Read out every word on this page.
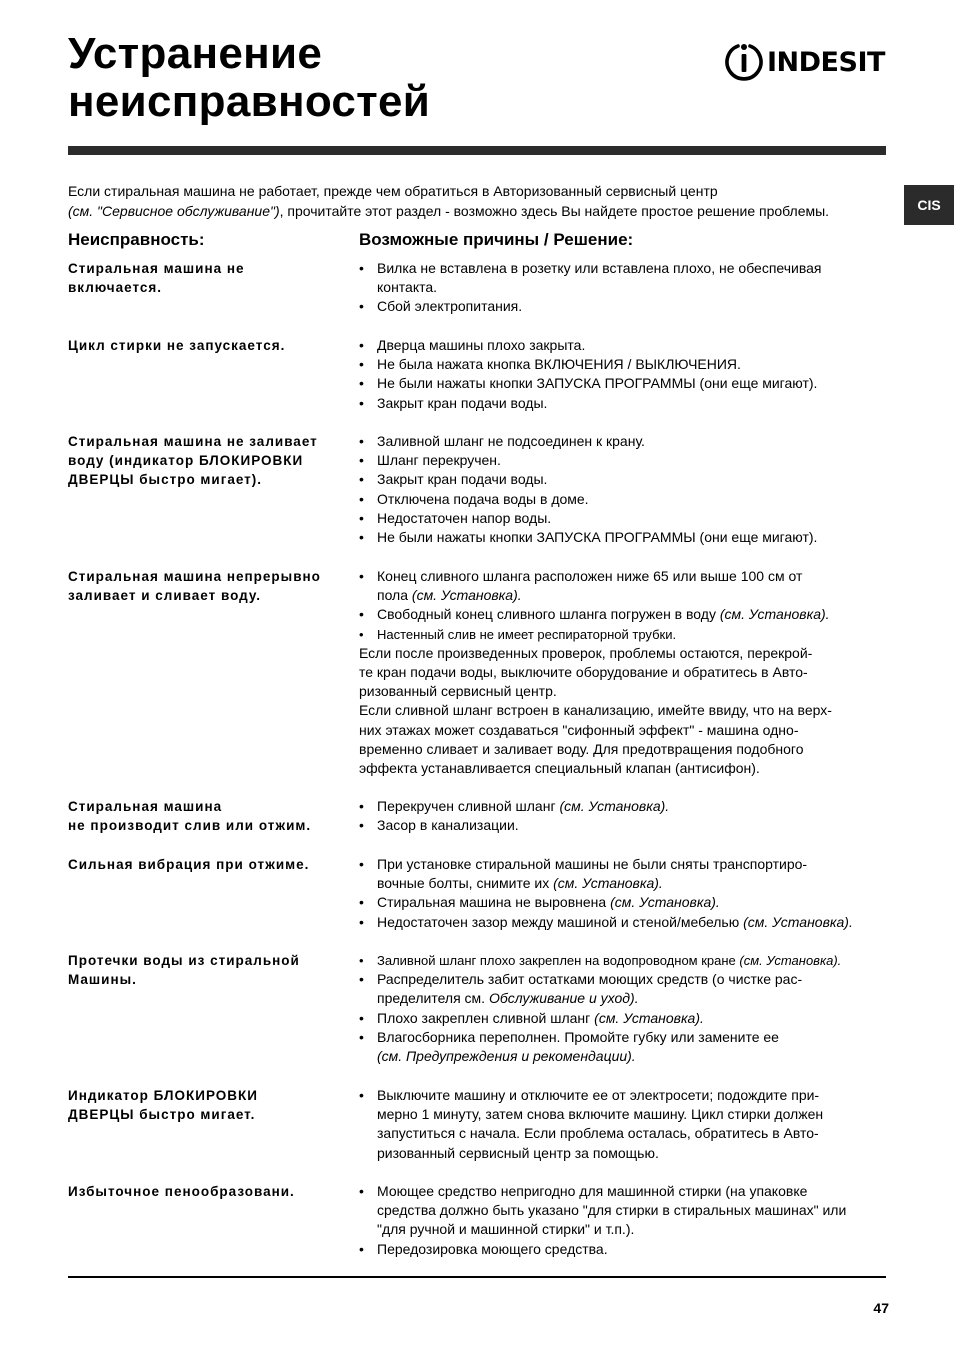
Устранение
неисправностей
INDESIT
CIS
Если стиральная машина не работает, прежде чем обратиться в Авторизованный сервисный центр
(см. "Сервисное обслуживание"), прочитайте этот раздел - возможно здесь Вы найдете простое решение проблемы.
Неисправность:	Возможные причины / Решение:
Стиральная машина не
включается.
• Вилка не вставлена в розетку или вставлена плохо, не обеспечивая
контакта.
• Сбой электропитания.
Цикл стирки не запускается.	• Дверца машины плохо закрыта.
• Не была нажата кнопка ВКЛЮЧЕНИЯ / ВЫКЛЮЧЕНИЯ.
• Не были нажаты кнопки ЗАПУСКА ПРОГРАММЫ (они еще мигают).
• Закрыт кран подачи воды.
Стиральная машина не заливает
воду (индикатор БЛОКИРОВКИ
ДВЕРЦЫ быстро мигает).
• Заливной шланг не подсоединен к крану.
• Шланг перекручен.
• Закрыт кран подачи воды.
• Отключена подача воды в доме.
• Недостаточен напор воды.
• Не были нажаты кнопки ЗАПУСКА ПРОГРАММЫ (они еще мигают).
Стиральная машина непрерывно
заливает и сливает воду.
• Конец сливного шланга расположен ниже 65 или выше 100 см от
пола (см. Установка).
• Свободный конец сливного шланга погружен в воду (см. Установка).
• Настенный слив не имеет респираторной трубки.
Если после произведенных проверок, проблемы остаются, перекрой-
те кран подачи воды, выключите оборудование и обратитесь в Авто-
ризованный сервисный центр.
Если сливной шланг встроен в канализацию, имейте ввиду, что на верх-
них этажах может создаваться "сифонный эффект" - машина одно-
временно сливает и заливает воду. Для предотвращения подобного
эффекта устанавливается специальный клапан (антисифон).
Стиральная машина
не производит слив или отжим.
• Перекручен сливной шланг (см. Установка).
• Засор в канализации.
Сильная вибрация при отжиме.	• При установке стиральной машины не были сняты транспортиро-
вочные болты, снимите их (см. Установка).
• Стиральная машина не выровнена (см. Установка).
• Недостаточен зазор между машиной и стеной/мебелью (см. Установка).
Протечки воды из стиральной
Машины.
• Заливной шланг плохо закреплен на водопроводном кране (см. Установка).
• Распределитель забит остатками моющих средств (о чистке рас-
пределителя см. Обслуживание и уход).
• Плохо закреплен сливной шланг (см. Установка).
• Влагосборника переполнен. Промойте губку или замените ее
(см. Предупреждения и рекомендации).
Индикатор БЛОКИРОВКИ
ДВЕРЦЫ быстро мигает.
• Выключите машину и отключите ее от электросети; подождите при-
мерно 1 минуту, затем снова включите машину. Цикл стирки должен
запуститься с начала. Если проблема осталась, обратитесь в Авто-
ризованный сервисный центр за помощью.
Избыточное пенообразовани.	• Моющее средство непригодно для машинной стирки (на упаковке
средства должно быть указано "для стирки в стиральных машинах" или
"для ручной и машинной стирки" и т.п.).
• Передозировка моющего средства.
47
